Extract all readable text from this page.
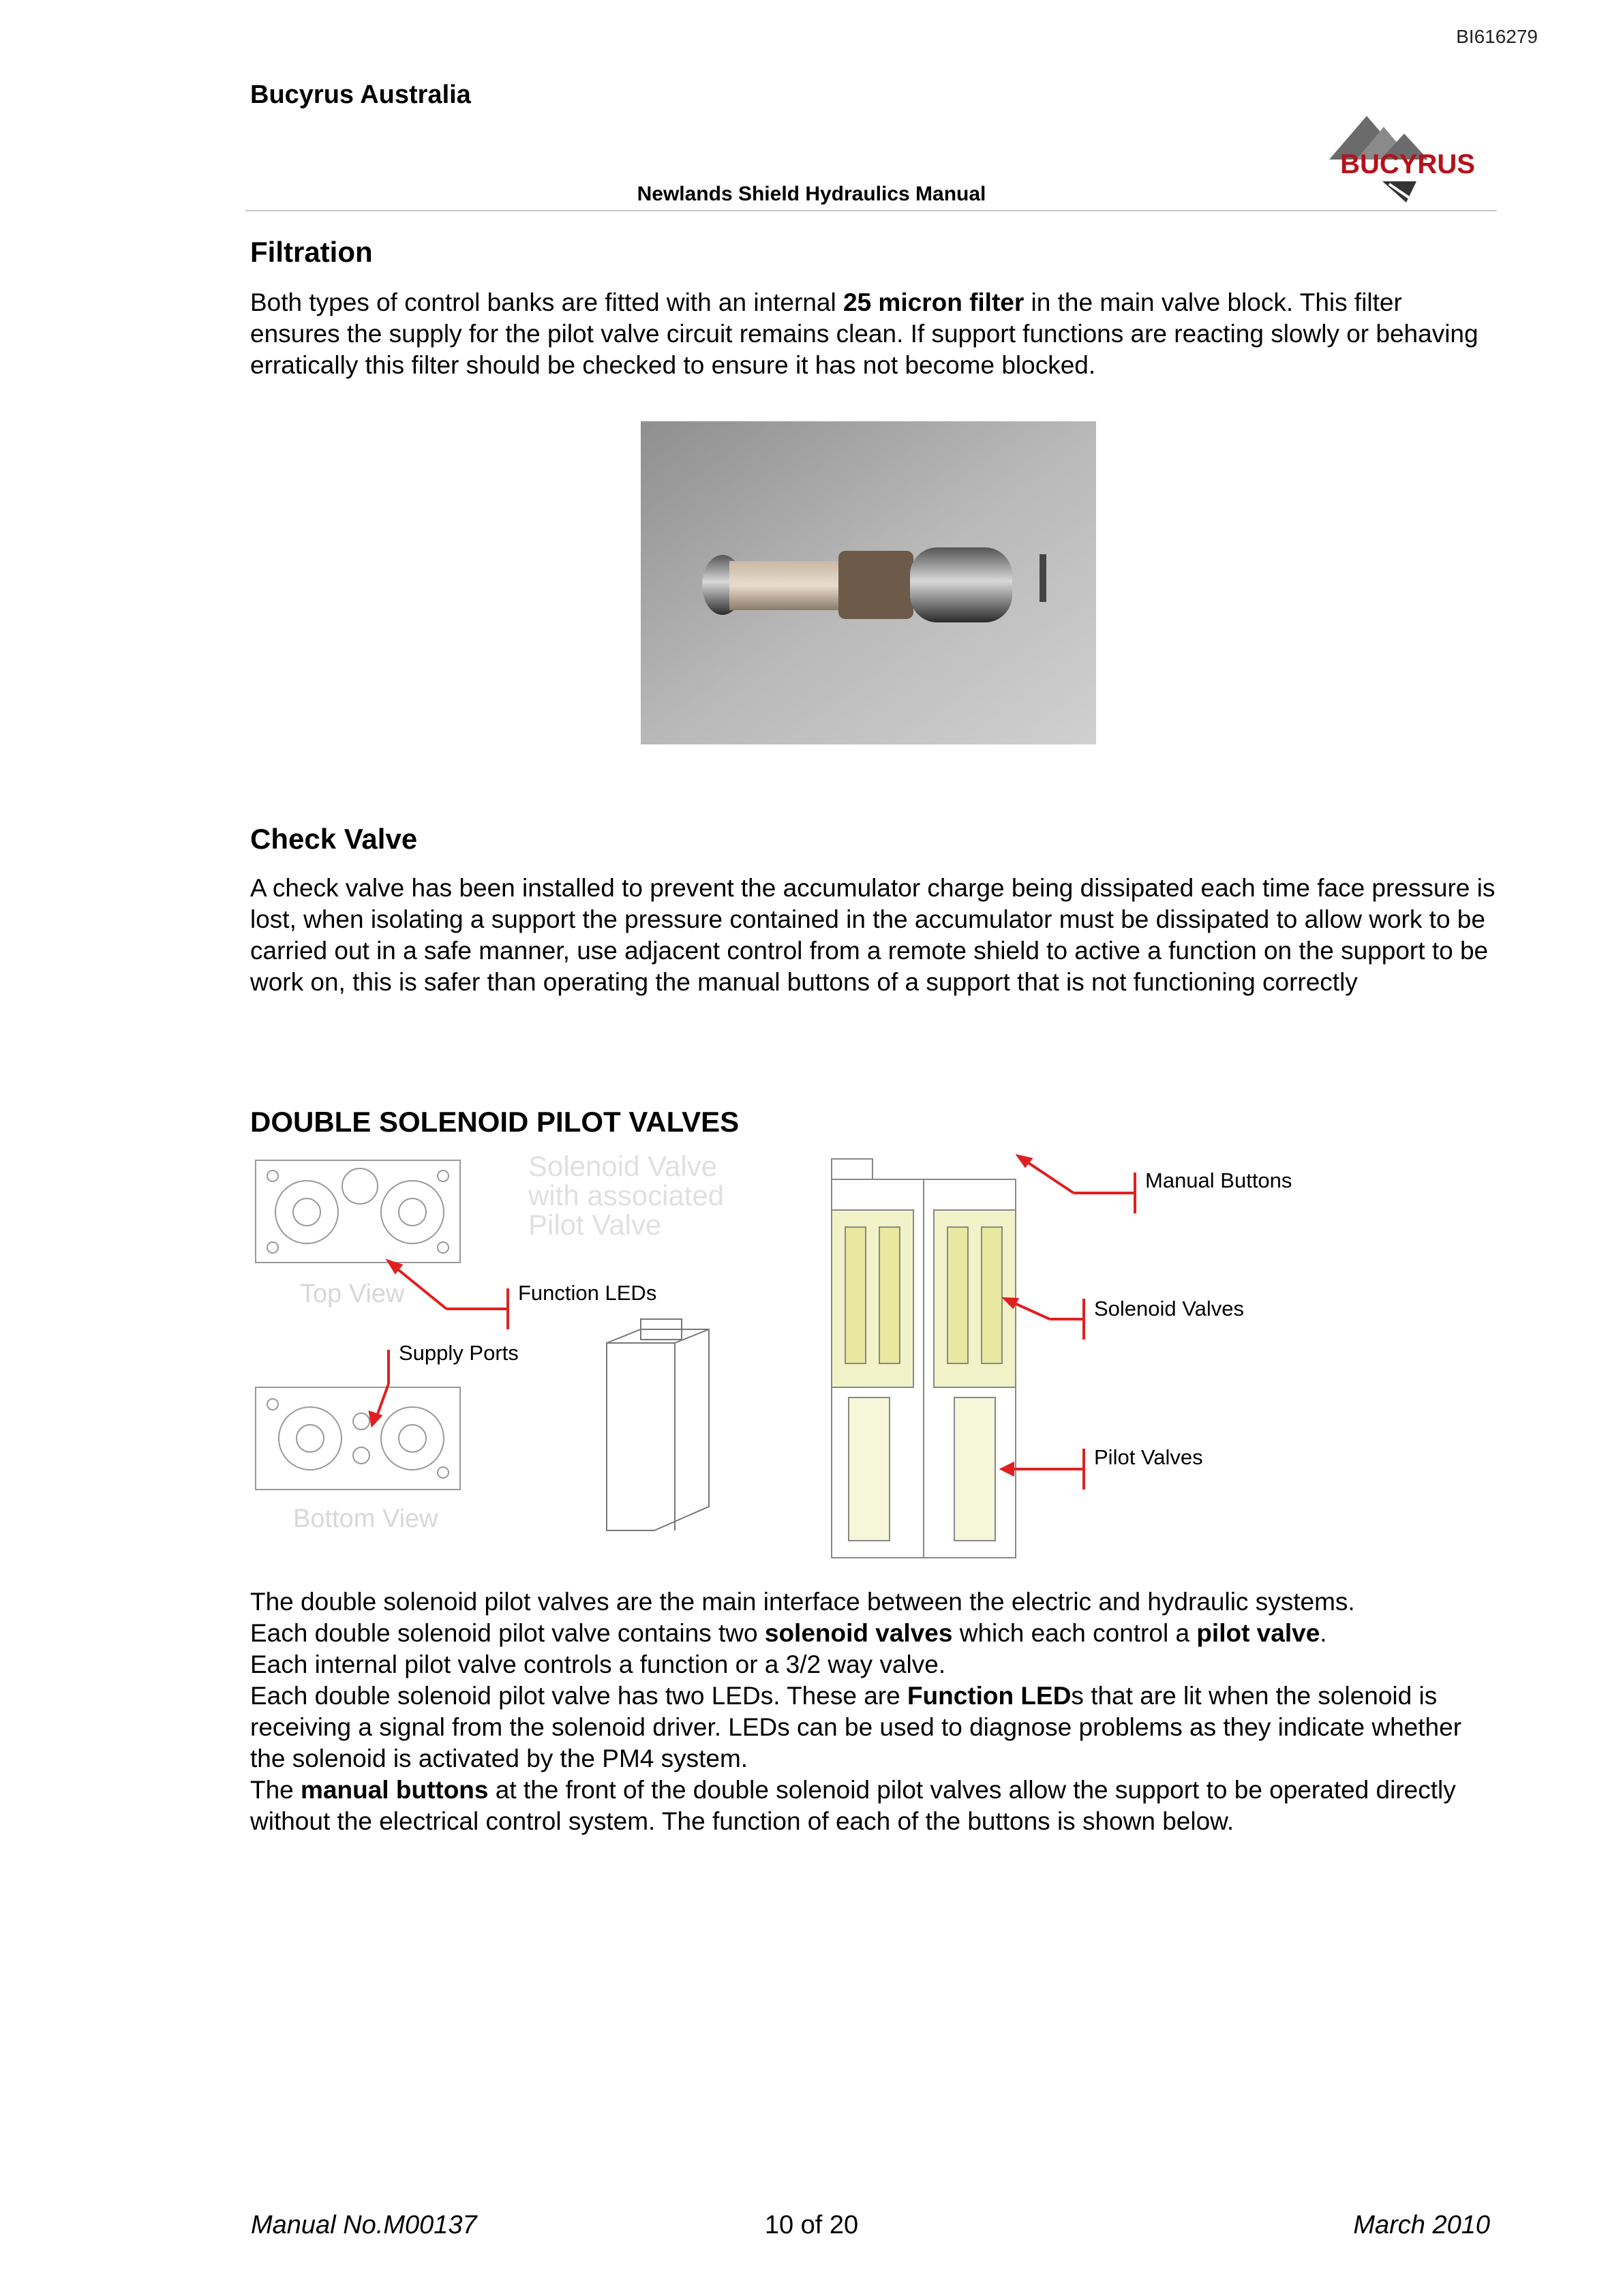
BI616279
Bucyrus Australia
BUCYRUS
Newlands Shield Hydraulics Manual
Filtration
Both types of control banks are fitted with an internal 25 micron filter in the main valve block. This filter ensures the supply for the pilot valve circuit remains clean. If support functions are reacting slowly or behaving erratically this filter should be checked to ensure it has not become blocked.
Check Valve
A check valve has been installed to prevent the accumulator charge being dissipated each time face pressure is lost, when isolating a support the pressure contained in the accumulator must be dissipated to allow work to be carried out in a safe manner, use adjacent control from a remote shield to active a function on the support to be work on, this is safer than operating the manual buttons of a support that is not functioning correctly
DOUBLE SOLENOID PILOT VALVES
Top View
Solenoid Valve
with associated
Pilot Valve
Bottom View
Function LEDs
Supply Ports
Manual Buttons
Solenoid Valves
Pilot Valves

The double solenoid pilot valves are the main interface between the electric and hydraulic systems.

Each double solenoid pilot valve contains two solenoid valves which each control a pilot valve.

Each internal pilot valve controls a function or a 3/2 way valve.

Each double solenoid pilot valve has two LEDs. These are Function LEDs that are lit when the solenoid is receiving a signal from the solenoid driver. LEDs can be used to diagnose problems as they indicate whether the solenoid is activated by the PM4 system.

The manual buttons at the front of the double solenoid pilot valves allow the support to be operated directly without the electrical control system. The function of each of the buttons is shown below.

Manual No.M00137	10 of 20	March 2010
